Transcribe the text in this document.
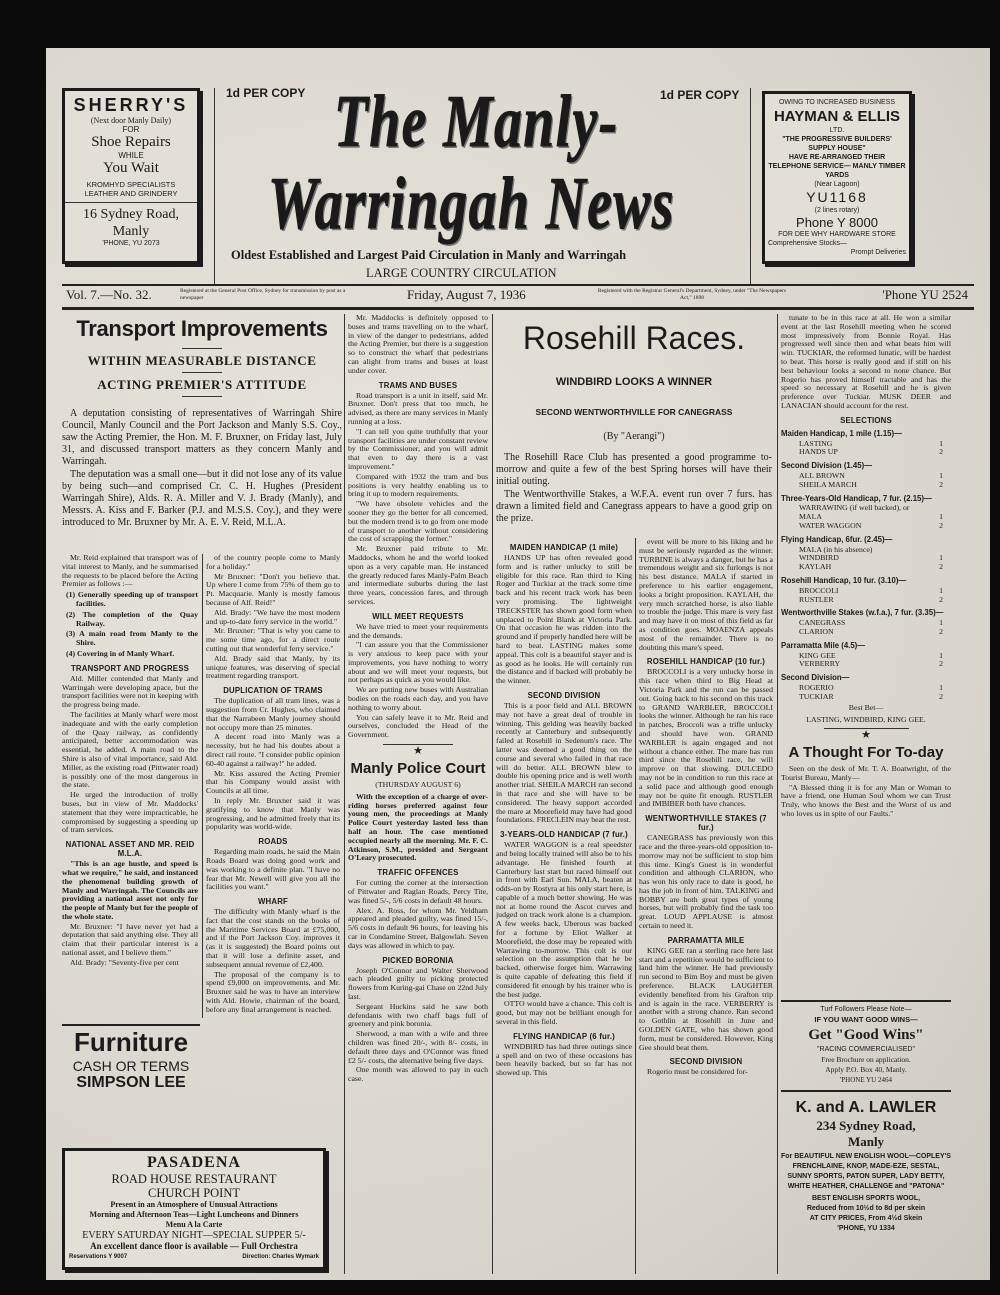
SHERRY'S
(Next door Manly Daily)
FOR
Shoe Repairs
WHILE
You Wait
KROMHYD SPECIALISTS
LEATHER AND GRINDERY
16 Sydney Road, Manly
'PHONE, YU 2073
1d PER COPY	1d PER COPY
The Manly-
Warringah News
Oldest Established and Largest Paid Circulation in Manly and Warringah
LARGE COUNTRY CIRCULATION
OWING TO INCREASED BUSINESS
HAYMAN & ELLIS
LTD.
"THE PROGRESSIVE BUILDERS' SUPPLY HOUSE"
HAVE RE-ARRANGED THEIR TELEPHONE SERVICE— MANLY TIMBER YARDS
(Near Lagoon)
YU1168
(2 lines rotary)
Phone Y 8000
FOR DEE WHY HARDWARE STORE
Comprehensive Stocks—
Prompt Deliveries
Vol. 7.—No. 32.	Registered at the General Post Office, Sydney for transmission by post as a newspaper	Friday, August 7, 1936	Registered with the Registrar General's Department, Sydney, under "The Newspapers Act," 1898	'Phone YU 2524
Transport Improvements
WITHIN MEASURABLE DISTANCE
ACTING PREMIER'S ATTITUDE

A deputation consisting of representatives of Warringah Shire Council, Manly Council and the Port Jackson and Manly S.S. Coy., saw the Acting Premier, the Hon. M. F. Bruxner, on Friday last, July 31, and discussed transport matters as they concern Manly and Warringah.

The deputation was a small one—but it did not lose any of its value by being such—and comprised Cr. C. H. Hughes (President Warringah Shire), Alds. R. A. Miller and V. J. Brady (Manly), and Messrs. A. Kiss and F. Barker (P.J. and M.S.S. Coy.), and they were introduced to Mr. Bruxner by Mr. A. E. V. Reid, M.L.A.

Mr. Reid explained that transport was of vital interest to Manly, and he summarised the requests to be placed before the Acting Premier as follows :—

(1) Generally speeding up of transport facilities.

(2) The completion of the Quay Railway.

(3) A main road from Manly to the Shire.

(4) Covering in of Manly Wharf.

TRANSPORT AND PROGRESS

Ald. Miller contended that Manly and Warringah were developing apace, but the transport facilities were not in keeping with the progress being made.

The facilities at Manly wharf were most inadequate and with the early completion of the Quay railway, as confidently anticipated, better accommodation was essential, he added. A main road to the Shire is also of vital importance, said Ald. Miller, as the existing road (Pittwater road) is possibly one of the most dangerous in the state.

He urged the introduction of trolly buses, but in view of Mr. Maddocks' statement that they were impracticable, he compromised by suggesting a speeding up of tram services.

NATIONAL ASSET AND MR. REID M.L.A.

"This is an age hustle, and speed is what we require," he said, and instanced the phenomenal building growth of Manly and Warringah. The Councils are providing a national asset not only for the people of Manly but for the people of the whole state.

Mr. Bruxner: "I have never yet had a deputation that said anything else. They all claim that their particular interest is a national asset, and I believe them."

Ald. Brady: "Seventy-five per cent

of the country people come to Manly for a holiday."

Mr Bruxner: "Don't you believe that. Up where I come from 75% of them go to Pt. Macquarie. Manly is mostly famous because of Alf. Reid!"

Ald. Brady: "We have the most modern and up-to-date ferry service in the world."

Mr. Bruxner: "That is why you came to me some time ago, for a direct route cutting out that wonderful ferry service."

Ald. Brady said that Manly, by its unique features, was deserving of special treatment regarding transport.

DUPLICATION OF TRAMS

The duplication of all tram lines, was a suggestion from Cr. Hughes, who claimed that the Narrabeen Manly journey should not occupy more than 25 minutes.

A decent road into Manly was a necessity, but he had his doubts about a direct rail route. "I consider public opinion 60-40 against a railway!" he added.

Mr. Kiss assured the Acting Premier that his Company would assist with Councils at all time.

In reply Mr. Bruxner said it was gratifying to know that Manly was progressing, and he admitted freely that its popularity was world-wide.

ROADS

Regarding main roads, he said the Main Roads Board was doing good work and was working to a definite plan. "I have no fear that Mr. Newell will give you all the facilities you want."

WHARF

The difficulty with Manly wharf is the fact that the cost stands on the books of the Maritime Services Board at £75,000, and if the Port Jackson Coy. improves it (as it is suggested) the Board points out that it will lose a definite asset, and subsequent annual revenue of £2,400.

The proposal of the company is to spend £9,000 on improvements, and Mr. Bruxner said he was to have an interview with Ald. Howie, chairman of the board, before any final arrangement is reached.

Mr. Maddocks is definitely opposed to buses and trams travelling on to the wharf, in view of the danger to pedestrians, added the Acting Premier, but there is a suggestion so to construct the wharf that pedestrians can alight from trams and buses at least under cover.

TRAMS AND BUSES

Road transport is a unit in itself, said Mr. Bruxner. Don't press that too much, he advised, as there are many services in Manly running at a loss.

"I can tell you quite truthfully that your transport facilities are under constant review by the Commissioner, and you will admit that even to day there is a vast improvement."

Compared with 1932 the tram and bus positions is very healthy enabling us to bring it up to modern requirements.

"We have obsolete vehicles and the sooner they go the better for all concerned, but the modern trend is to go from one mode of transport to another without considering the cost of scrapping the former."

Mr. Bruxner paid tribute to Mr. Maddocks, whom he and the world looked upon as a very capable man. He instanced the greatly reduced fares Manly-Palm Beach and intermediate suburbs during the last three years, concession fares, and through services.

WILL MEET REQUESTS

We have tried to meet your requirements and the demands.

"I can assure you that the Commissioner is very anxious to keep pace with your improvements, you have nothing to worry about and we will meet your requests, but not perhaps as quick as you would like.

We are putting new buses with Australian bodies on the roads each day, and you have nothing to worry about.

You can safely leave it to Mr. Reid and ourselves, concluded the Head of the Government.

★

Manly Police Court

(THURSDAY AUGUST 6)

With the exception of a charge of over-riding horses preferred against four young men, the proceedings at Manly Police Court yesterday lasted less than half an hour. The case mentioned occupied nearly all the morning. Mr. F. C. Atkinson, S.M., presided and Sergeant O'Leary prosecuted.

TRAFFIC OFFENCES

For cutting the corner at the intersection of Pittwater and Raglan Roads, Percy Tite, was fined 5/-, 5/6 costs in default 48 hours.

Alex. A. Ross, for whom Mr. Yeldham appeared and pleaded guilty, was fined 15/-, 5/6 costs in default 96 hours, for leaving his car in Condamine Street, Balgowlah. Seven days was allowed in which to pay.

PICKED BORONIA

Joseph O'Connor and Walter Sherwood each pleaded guilty to picking protected flowers from Kuring-gai Chase on 22nd July last.

Sergeant Huckins said he saw both defendants with two chaff bags full of greenery and pink boronia.

Sherwood, a man with a wife and three children was fined 20/-, with 8/- costs, in default three days and O'Connor was fined £2 5/- costs, the alternative being five days.

One month was allowed to pay in each case.

Furniture
CASH OR TERMS
SIMPSON LEE
PASADENA
ROAD HOUSE RESTAURANT
CHURCH POINT
Present in an Atmosphere of Unusual Attractions
Morning and Afternoon Teas—Light Luncheons and Dinners
Menu A la Carte
EVERY SATURDAY NIGHT—SPECIAL SUPPER 5/-
An excellent dance floor is available — Full Orchestra
Reservations Y 9007	Direction: Charles Wymark
Rosehill Races.
WINDBIRD LOOKS A WINNER
SECOND WENTWORTHVILLE FOR CANEGRASS
(By "Aerangi")

The Rosehill Race Club has presented a good programme to-morrow and quite a few of the best Spring horses will have their initial outing.

The Wentworthville Stakes, a W.F.A. event run over 7 furs. has drawn a limited field and Canegrass appears to have a good grip on the prize.

MAIDEN HANDICAP (1 mile)

HANDS UP has often revealed good form and is rather unlucky to still be eligible for this race. Ran third to King Roger and Tuckiar at the track some time back and his recent track work has been very promising. The lightweight TRECKSTER has shown good form when unplaced to Point Blank at Victoria Park. On that occasion he was ridden into the ground and if properly handled here will be hard to beat. LASTING makes some appeal. This colt is a beautiful stayer and is as good as he looks. He will certainly run the distance and if backed will probably be the winner.

SECOND DIVISION

This is a poor field and ALL BROWN may not have a great deal of trouble in winning. This gelding was heavily backed recently at Canterbury and subsequently failed at Rosehill in Sedenum's race. The latter was deemed a good thing on the course and several who failed in that race will do better. ALL BROWN blew to double his opening price and is well worth another trial. SHEILA MARCH ran second in that race and she will have to be considered. The heavy support accorded the mare at Moorefield may have had good foundations. FRECLEIN may beat the rest.

3-YEARS-OLD HANDICAP (7 fur.)

WATER WAGGON is a real speedster and being locally trained will also be to his advantage. He finished fourth at Canterbury last start but raced himself out in front with Earl Sun. MALA, beaten at odds-on by Rostyra at his only start here, is capable of a much better showing. He was not at home round the Ascot curves and judged on track work alone is a champion. A few weeks back, Uberous was backed for a fortune by Eliot Walker at Moorefield, the dose may be repeated with Warrawing to-morrow. This colt is our selection on the assumption that he be backed, otherwise forget him. Warrawing is quite capable of defeating this field if considered fit enough by his trainer who is the best judge.

OTTO would have a chance. This colt is good, but may not be brilliant enough for several in this field.

FLYING HANDICAP (6 fur.)

WINDBIRD has had three outings since a spell and on two of these occasions has been heavily backed, but so far has not showed up. This

event will be more to his liking and he must be seriously regarded as the winner. TURBINE is always a danger, but he has a tremendous weight and six furlongs is not his best distance. MALA if started in preference to his earlier engagement, looks a bright proposition. KAYLAH, the very much scratched horse, is also liable to trouble the judge. This mare is very fast and may have it on most of this field as far as condition goes. MOAENZA appeals most of the remainder. There is no doubting this mare's speed.

ROSEHILL HANDICAP (10 fur.)

BROCCOLI is a very unlucky horse in this race when third to Big Head at Victoria Park and the run can be passed out. Going back to his second on this track to GRAND WARBLER, BROCCOLI looks the winner. Although he ran his race in patches, Broccoli was a trifle unlucky and should have won. GRAND WARBLER is again engaged and not without a chance either. The mare has run third since the Rosehill race, he will improve on that showing. DULCEDO may not be in condition to run this race at a solid pace and although good enough may not be quite fit enough. RUSTLER and IMBIBER both have chances.

WENTWORTHVILLE STAKES (7 fur.)

CANEGRASS has previously won this race and the three-years-old opposition to-morrow may not be sufficient to stop him this time. King's Guest is in wonderful condition and although CLARION, who has won his only race to date is good, he has the job in front of him. TALKING and BOBBY are both great types of young horses, but will probably find the task too great. LOUD APPLAUSE is almost certain to need it.

PARRAMATTA MILE

KING GEE ran a sterling race here last start and a repetition would be sufficient to land him the winner. He had previously run second to Bim Boy and must be given preference. BLACK LAUGHTER evidently benefited from his Grafton trip and is again in the race. VERBERRY is another with a strong chance. Ran second to Gothlin at Rosehill in June and GOLDEN GATE, who has shown good form, must be considered. However, King Gee should beat them.

SECOND DIVISION

Rogerio must be considered for-

tunate to be in this race at all. He won a similar event at the last Rosehill meeting when he scored most impressively from Bonnie Royal. Has progressed well since then and what beats him will win. TUCKIAR, the reformed lunatic, will be hardest to beat. This horse is really good and if still on his best behaviour looks a second to none chance. But Rogerio has proved himself tractable and has the speed so necessary at Rosehill and he is given preference over Tuckiar. MUSK DEER and LANACIAN should account for the rest.

SELECTIONS

Maiden Handicap, 1 mile (1.15)—

LASTING	1

HANDS UP	2

Second Division (1.45)—

ALL BROWN	1

SHEILA MARCH	2

Three-Years-Old Handicap, 7 fur. (2.15)—

WARRAWING (if well backed), or

MALA	1

WATER WAGGON	2

Flying Handicap, 6fur. (2.45)—

MALA (in his absence)

WINDBIRD	1

KAYLAH	2

Rosehill Handicap, 10 fur. (3.10)—

BROCCOLI	1

RUSTLER	2

Wentworthville Stakes (w.f.a.), 7 fur. (3.35)—

CANEGRASS	1

CLARION	2

Parramatta Mile (4.5)—

KING GEE	1

VERBERRY	2

Second Division—

ROGERIO	1

TUCKIAR	2

Best Bet—

LASTING, WINDBIRD, KING GEE.

★

A Thought For To-day

Seen on the desk of Mr. T. A. Boatwright, of the Tourist Bureau, Manly—

"A Blessed thing it is for any Man or Woman to have a friend, one Human Soul whom we can Trust Truly, who knows the Best and the Worst of us and who loves us in spite of our Faults."

Turf Followers Please Note—
IF YOU WANT GOOD WINS—
Get "Good Wins"
"RACING COMMERCIALISED"
Free Brochure on application.
Apply P.O. Box 40, Manly.
'PHONE YU 2464
K. and A. LAWLER
234 Sydney Road,
Manly
For BEAUTIFUL NEW ENGLISH WOOL—COPLEY'S FRENCHLAINE, KNOP, MADE-EZE, SESTAL, SUNNY SPORTS, PATON SUPER, LADY BETTY, WHITE HEATHER, CHALLENGE and "PATONA"
BEST ENGLISH SPORTS WOOL,
Reduced from 10½d to 8d per skein
AT CITY PRICES, From 4½d Skein
'PHONE, YU 1334
